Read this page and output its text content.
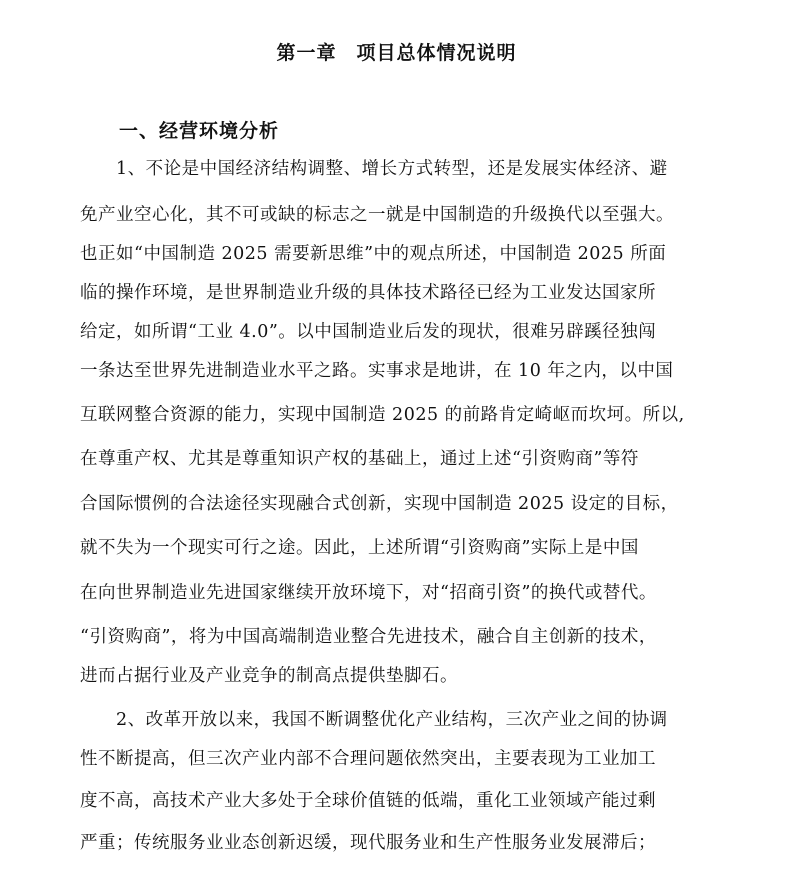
第一章　项目总体情况说明
一、经营环境分析
　　1、不论是中国经济结构调整、增长方式转型，还是发展实体经济、避
免产业空心化，其不可或缺的标志之一就是中国制造的升级换代以至强大。
也正如“中国制造 2025 需要新思维”中的观点所述，中国制造 2025 所面
临的操作环境，是世界制造业升级的具体技术路径已经为工业发达国家所
给定，如所谓“工业 4.0”。以中国制造业后发的现状，很难另辟蹊径独闯
一条达至世界先进制造业水平之路。实事求是地讲，在 10 年之内，以中国
互联网整合资源的能力，实现中国制造 2025 的前路肯定崎岖而坎坷。所以,
在尊重产权、尤其是尊重知识产权的基础上，通过上述“引资购商”等符
合国际惯例的合法途径实现融合式创新，实现中国制造 2025 设定的目标，
就不失为一个现实可行之途。因此，上述所谓“引资购商”实际上是中国
在向世界制造业先进国家继续开放环境下，对“招商引资”的换代或替代。
“引资购商”，将为中国高端制造业整合先进技术，融合自主创新的技术，
进而占据行业及产业竞争的制高点提供垫脚石。
　　2、改革开放以来，我国不断调整优化产业结构，三次产业之间的协调
性不断提高，但三次产业内部不合理问题依然突出，主要表现为工业加工
度不高，高技术产业大多处于全球价值链的低端，重化工业领域产能过剩
严重；传统服务业业态创新迟缓，现代服务业和生产性服务业发展滞后；
